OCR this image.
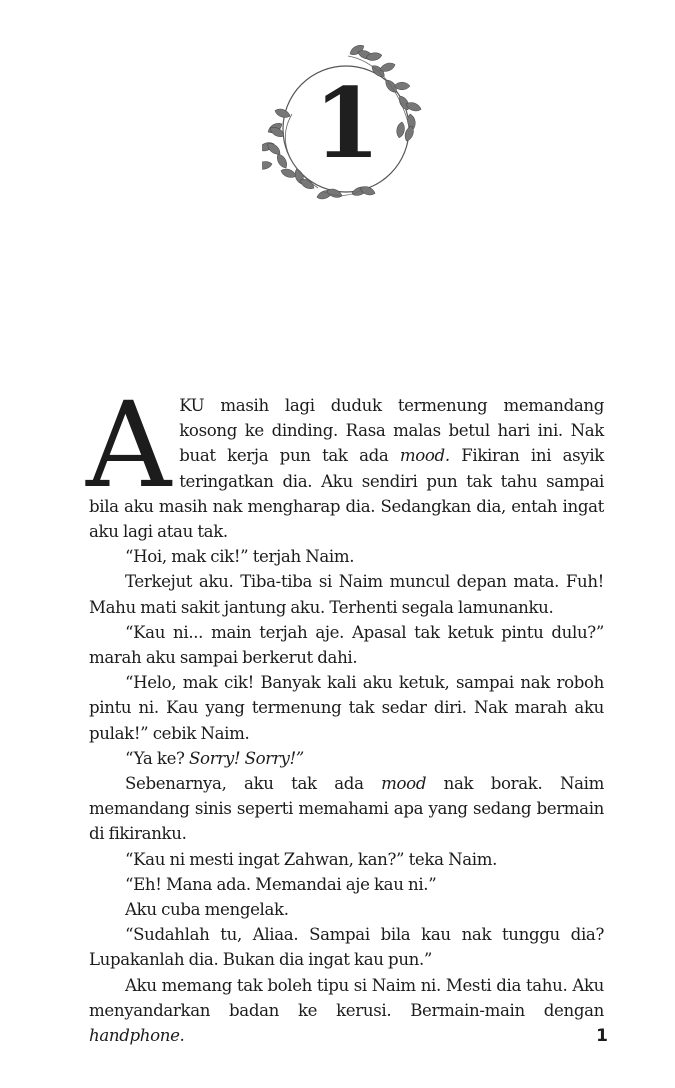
1

AKU masih lagi duduk termenung memandang kosong ke dinding. Rasa malas betul hari ini. Nak buat kerja pun tak ada mood. Fikiran ini asyik teringatkan dia. Aku sendiri pun tak tahu sampai bila aku masih nak mengharap dia. Sedangkan dia, entah ingat aku lagi atau tak.

“Hoi, mak cik!” terjah Naim.

Terkejut aku. Tiba-tiba si Naim muncul depan mata. Fuh! Mahu mati sakit jantung aku. Terhenti segala lamunanku.

“Kau ni... main terjah aje. Apasal tak ketuk pintu dulu?” marah aku sampai berkerut dahi.

“Helo, mak cik! Banyak kali aku ketuk, sampai nak roboh pintu ni. Kau yang termenung tak sedar diri. Nak marah aku pulak!” cebik Naim.

“Ya ke? Sorry! Sorry!”

Sebenarnya, aku tak ada mood nak borak. Naim memandang sinis seperti memahami apa yang sedang bermain di fikiranku.

“Kau ni mesti ingat Zahwan, kan?” teka Naim.

“Eh! Mana ada. Memandai aje kau ni.”

Aku cuba mengelak.

“Sudahlah tu, Aliaa. Sampai bila kau nak tunggu dia? Lupakanlah dia. Bukan dia ingat kau pun.”

Aku memang tak boleh tipu si Naim ni. Mesti dia tahu. Aku menyandarkan badan ke kerusi. Bermain-main dengan handphone.	1
